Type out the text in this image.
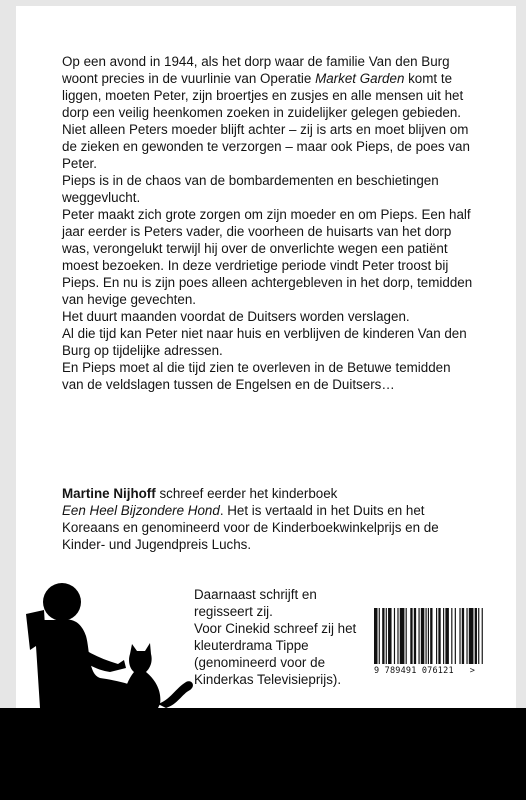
Op een avond in 1944, als het dorp waar de familie Van den Burg woont precies in de vuurlinie van Operatie Market Garden komt te liggen, moeten Peter, zijn broertjes en zusjes en alle mensen uit het dorp een veilig heenkomen zoeken in zuidelijker gelegen gebieden. Niet alleen Peters moeder blijft achter – zij is arts en moet blijven om de zieken en gewonden te verzorgen – maar ook Pieps, de poes van Peter.

Pieps is in de chaos van de bombardementen en beschietingen weggevlucht.

Peter maakt zich grote zorgen om zijn moeder en om Pieps. Een half jaar eerder is Peters vader, die voorheen de huisarts van het dorp was, verongelukt terwijl hij over de onverlichte wegen een patiënt moest bezoeken. In deze verdrietige periode vindt Peter troost bij Pieps. En nu is zijn poes alleen achtergebleven in het dorp, temidden van hevige gevechten.

Het duurt maanden voordat de Duitsers worden verslagen.

Al die tijd kan Peter niet naar huis en verblijven de kinderen Van den Burg op tijdelijke adressen.

En Pieps moet al die tijd zien te overleven in de Betuwe temidden van de veldslagen tussen de Engelsen en de Duitsers…

Martine Nijhoff schreef eerder het kinderboek
Een Heel Bijzondere Hond. Het is vertaald in het Duits en het Koreaans en genomineerd voor de Kinderboekwinkelprijs en de Kinder- und Jugendpreis Luchs.

Daarnaast schrijft en regisseert zij.

Voor Cinekid schreef zij het kleuterdrama Tippe (genomineerd voor de Kinderkas Televisieprijs).

9 789491 076121 >
